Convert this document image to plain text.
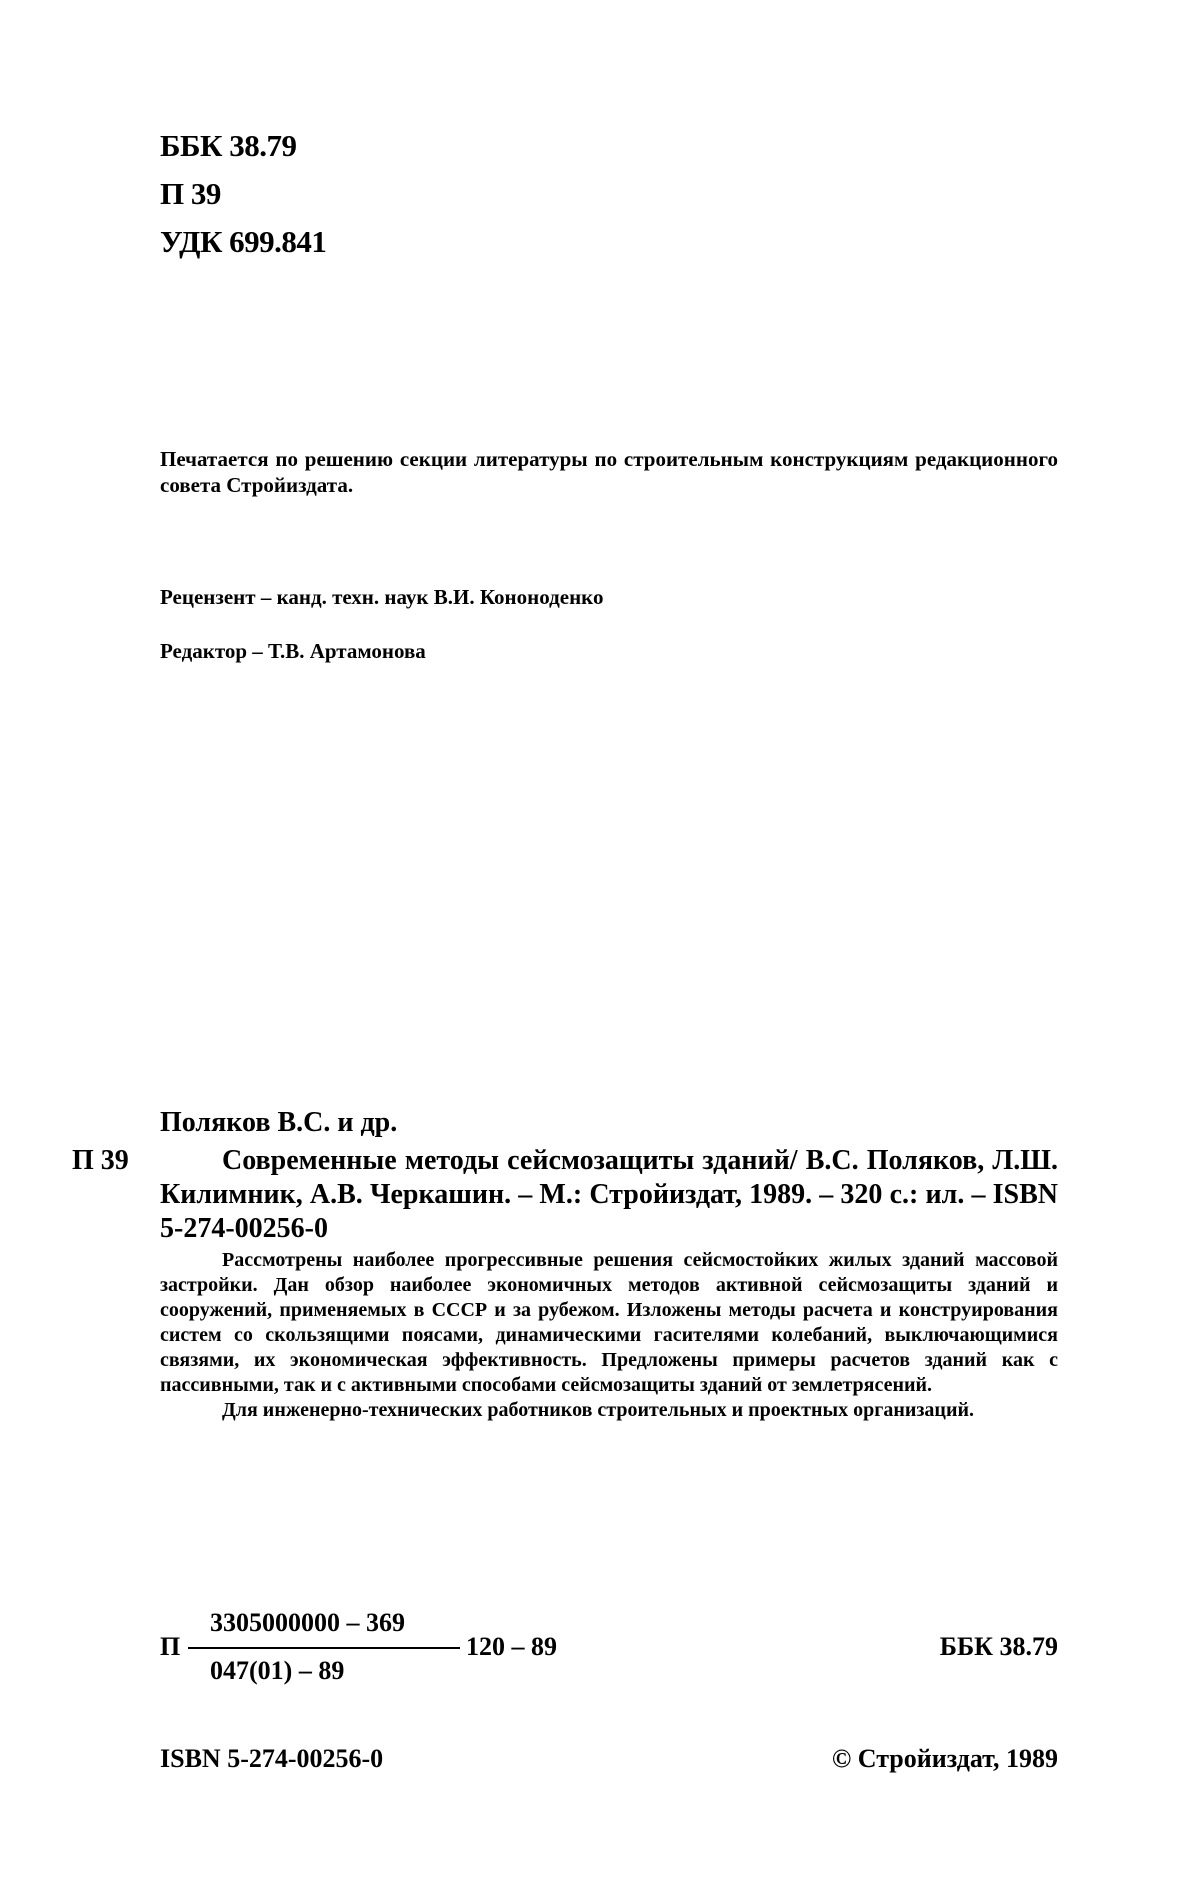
ББК 38.79
П 39
УДК 699.841
Печатается по решению секции литературы по строительным конструкциям редакционного совета Стройиздата.
Рецензент – канд. техн. наук В.И. Кононоденко
Редактор – Т.В. Артамонова
Поляков В.С. и др.
П 39	Современные методы сейсмозащиты зданий/ В.С. Поляков, Л.Ш. Килимник, А.В. Черкашин. – М.: Стройиздат, 1989. – 320 с.: ил. – ISBN 5-274-00256-0

Рассмотрены наиболее прогрессивные решения сейсмостойких жилых зданий массовой застройки. Дан обзор наиболее экономичных методов активной сейсмозащиты зданий и сооружений, применяемых в СССР и за рубежом. Изложены методы расчета и конструирования систем со скользящими поясами, динамическими гасителями колебаний, выключающимися связями, их экономическая эффективность. Предложены примеры расчетов зданий как с пассивными, так и с активными способами сейсмозащиты зданий от землетрясений.

Для инженерно-технических работников строительных и проектных организаций.

П
3305000000 – 369
047(01) – 89
120 – 89	ББК 38.79
ISBN 5-274-00256-0	© Стройиздат, 1989
